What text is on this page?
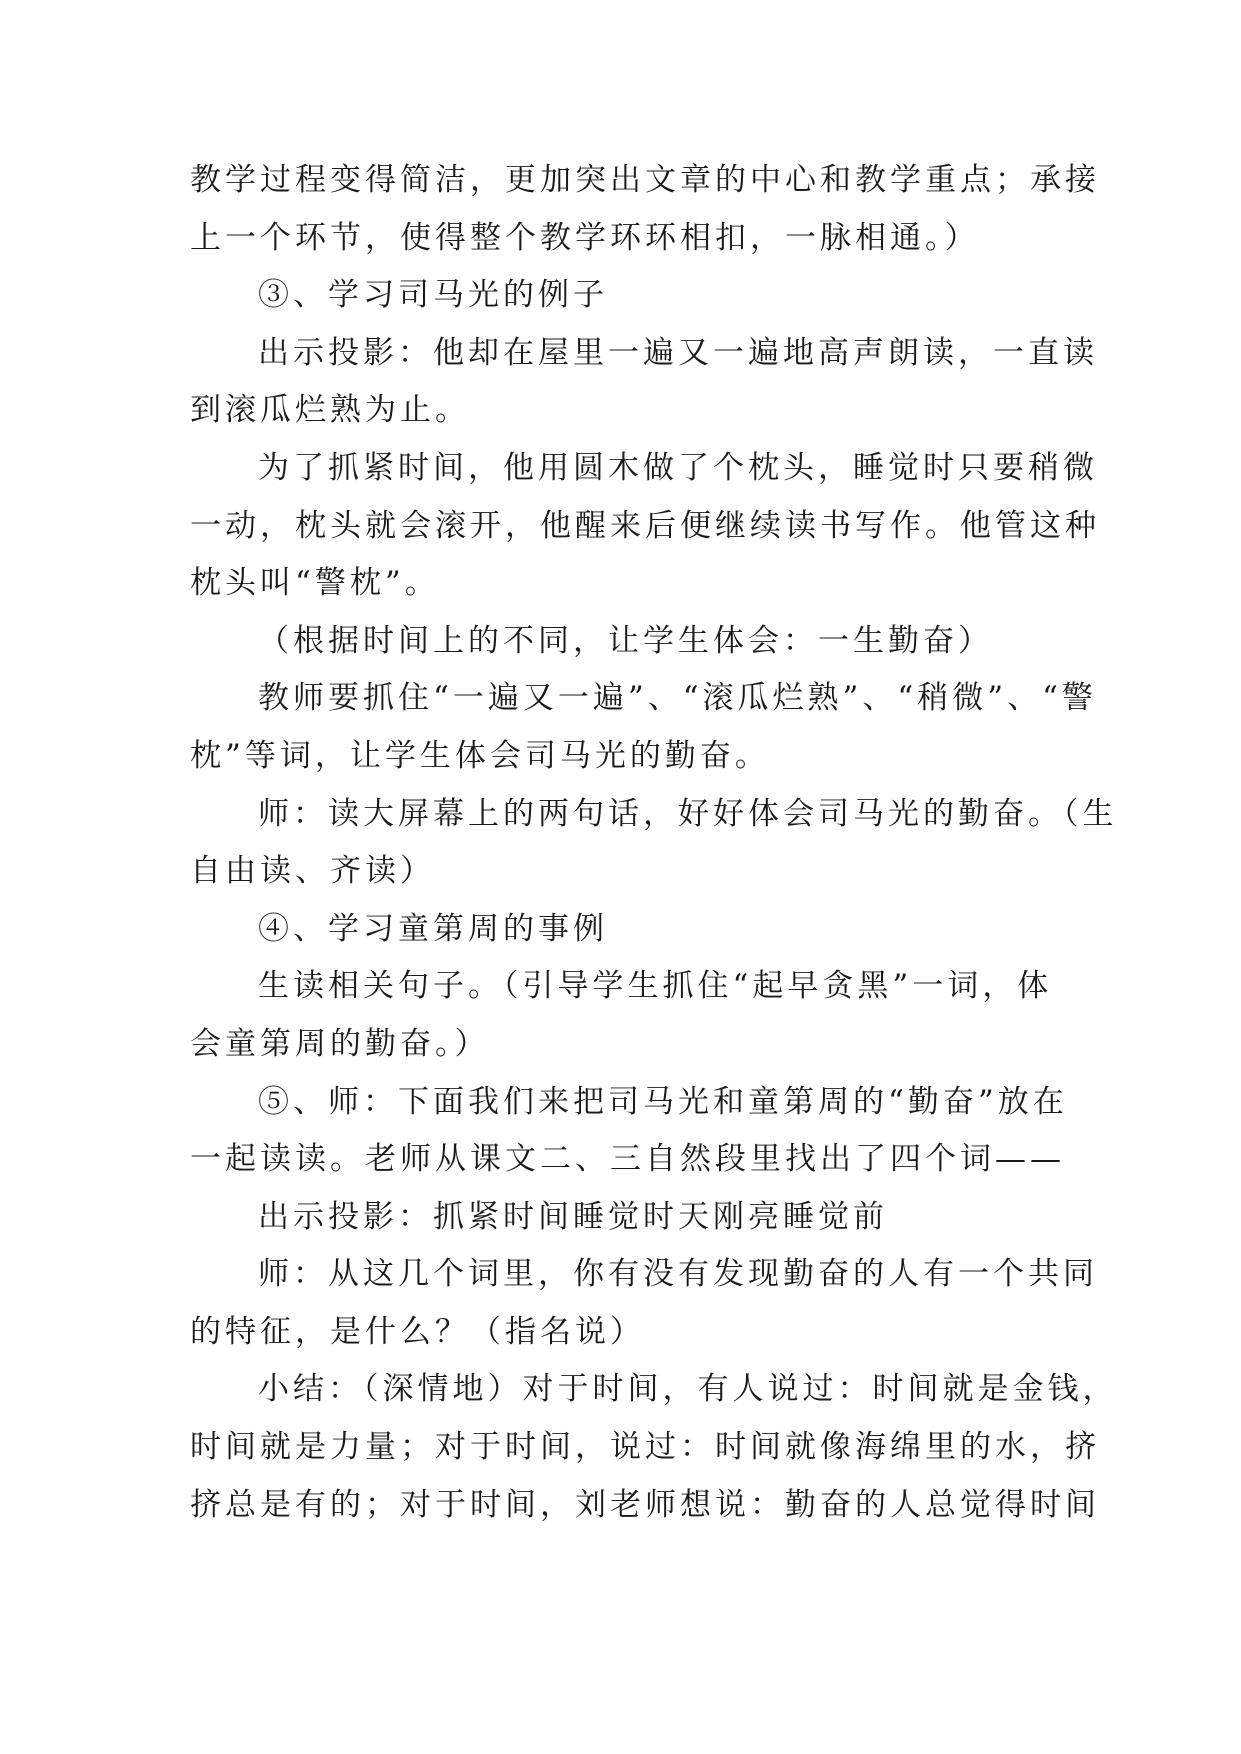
教学过程变得简洁，更加突出文章的中心和教学重点；承接
上一个环节，使得整个教学环环相扣，一脉相通。）
③、学习司马光的例子
出示投影：他却在屋里一遍又一遍地高声朗读，一直读
到滚瓜烂熟为止。
为了抓紧时间，他用圆木做了个枕头，睡觉时只要稍微
一动，枕头就会滚开，他醒来后便继续读书写作。他管这种
枕头叫“警枕”。
（根据时间上的不同，让学生体会：一生勤奋）
教师要抓住“一遍又一遍”、“滚瓜烂熟”、“稍微”、“警
枕”等词，让学生体会司马光的勤奋。
师：读大屏幕上的两句话，好好体会司马光的勤奋。（生
自由读、齐读）
④、学习童第周的事例
生读相关句子。（引导学生抓住“起早贪黑”一词，体
会童第周的勤奋。）
⑤、师：下面我们来把司马光和童第周的“勤奋”放在
一起读读。老师从课文二、三自然段里找出了四个词——
出示投影：抓紧时间睡觉时天刚亮睡觉前
师：从这几个词里，你有没有发现勤奋的人有一个共同
的特征，是什么？（指名说）
小结：（深情地）对于时间，有人说过：时间就是金钱，
时间就是力量；对于时间，说过：时间就像海绵里的水，挤
挤总是有的；对于时间，刘老师想说：勤奋的人总觉得时间
